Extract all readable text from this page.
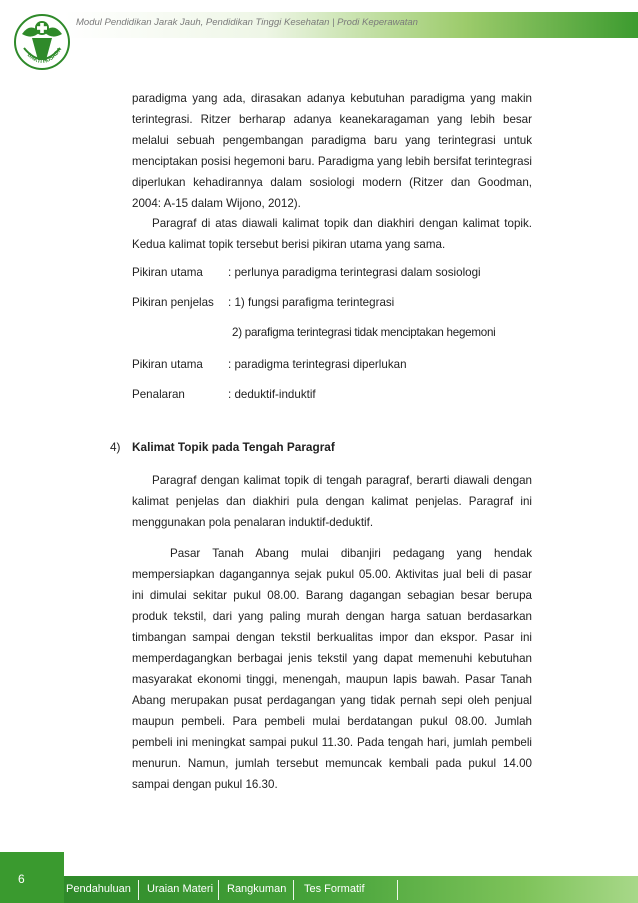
Modul Pendidikan Jarak Jauh, Pendidikan Tinggi Kesehatan | Prodi Keperawatan
BAKTI HUSADA
paradigma yang ada, dirasakan adanya kebutuhan paradigma yang makin terintegrasi. Ritzer berharap adanya keanekaragaman yang lebih besar melalui sebuah pengembangan paradigma baru yang terintegrasi untuk menciptakan posisi hegemoni baru. Paradigma yang lebih bersifat terintegrasi diperlukan kehadirannya dalam sosiologi modern (Ritzer dan Goodman, 2004: A-15 dalam Wijono, 2012).
Paragraf di atas diawali kalimat topik dan diakhiri dengan kalimat topik. Kedua kalimat topik tersebut berisi pikiran utama yang sama.
Pikiran utama : perlunya paradigma terintegrasi dalam sosiologi
Pikiran penjelas : 1) fungsi parafigma terintegrasi
2) parafigma terintegrasi tidak menciptakan hegemoni
Pikiran utama : paradigma terintegrasi diperlukan
Penalaran	: deduktif-induktif
4) Kalimat Topik pada Tengah Paragraf
Paragraf dengan kalimat topik di tengah paragraf, berarti diawali dengan kalimat penjelas dan diakhiri pula dengan kalimat penjelas. Paragraf ini menggunakan pola penalaran induktif-deduktif.
Pasar Tanah Abang mulai dibanjiri pedagang yang hendak mempersiapkan dagangannya sejak pukul 05.00. Aktivitas jual beli di pasar ini dimulai sekitar pukul 08.00. Barang dagangan sebagian besar berupa produk tekstil, dari yang paling murah dengan harga satuan berdasarkan timbangan sampai dengan tekstil berkualitas impor dan ekspor. Pasar ini memperdagangkan berbagai jenis tekstil yang dapat memenuhi kebutuhan masyarakat ekonomi tinggi, menengah, maupun lapis bawah. Pasar Tanah Abang merupakan pusat perdagangan yang tidak pernah sepi oleh penjual maupun pembeli. Para pembeli mulai berdatangan pukul 08.00. Jumlah pembeli ini meningkat sampai pukul 11.30. Pada tengah hari, jumlah pembeli menurun. Namun, jumlah tersebut memuncak kembali pada pukul 14.00 sampai dengan pukul 16.30.
6
Pendahuluan Uraian Materi Rangkuman Tes Formatif
